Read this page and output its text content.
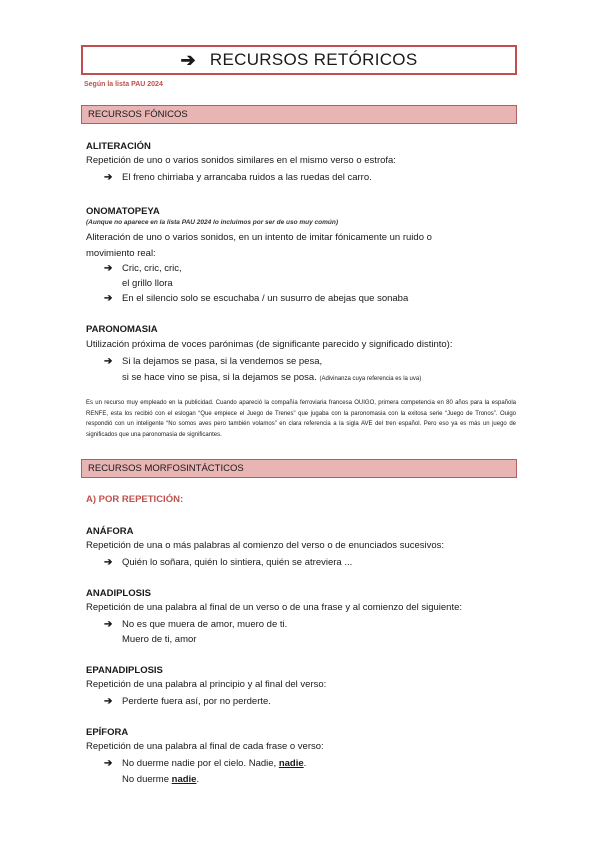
➔ RECURSOS RETÓRICOS
Según la lista PAU 2024
RECURSOS FÓNICOS
ALITERACIÓN
Repetición de uno o varios sonidos similares en el mismo verso o estrofa:
➔	El freno chirriaba y arrancaba ruidos a las ruedas del carro.
ONOMATOPEYA
(Aunque no aparece en la lista PAU 2024 lo incluimos por ser de uso muy común)
Aliteración de uno o varios sonidos, en un intento de imitar fónicamente un ruido o
movimiento real:
➔	Cric, cric, cric,
el grillo llora
➔	En el silencio solo se escuchaba / un susurro de abejas que sonaba
PARONOMASIA
Utilización próxima de voces parónimas (de significante parecido y significado distinto):
➔	Si la dejamos se pasa, si la vendemos se pesa,
si se hace vino se pisa, si la dejamos se posa. (Adivinanza cuya referencia es la uva)
Es un recurso muy empleado en la publicidad. Cuando apareció la compañía ferroviaria francesa OUIGO, primera competencia en 80 años para la española RENFE, esta los recibió con el eslogan “Que empiece el Juego de Trenes” que jugaba con la paronomasia con la exitosa serie “Juego de Tronos”. Ouigo respondió con un inteligente “No somos aves pero también volamos” en clara referencia a la sigla AVE del tren español. Pero eso ya es más un juego de significados que una paronomasia de significantes.
RECURSOS MORFOSINTÁCTICOS
A) POR REPETICIÓN:
ANÁFORA
Repetición de una o más palabras al comienzo del verso o de enunciados sucesivos:
➔	Quién lo soñara, quién lo sintiera, quién se atreviera ...
ANADIPLOSIS
Repetición de una palabra al final de un verso o de una frase y al comienzo del siguiente:
➔	No es que muera de amor, muero de ti.
Muero de ti, amor
EPANADIPLOSIS
Repetición de una palabra al principio y al final del verso:
➔	Perderte fuera así, por no perderte.
EPÍFORA
Repetición de una palabra al final de cada frase o verso:
➔	No duerme nadie por el cielo. Nadie, nadie.
No duerme nadie.
